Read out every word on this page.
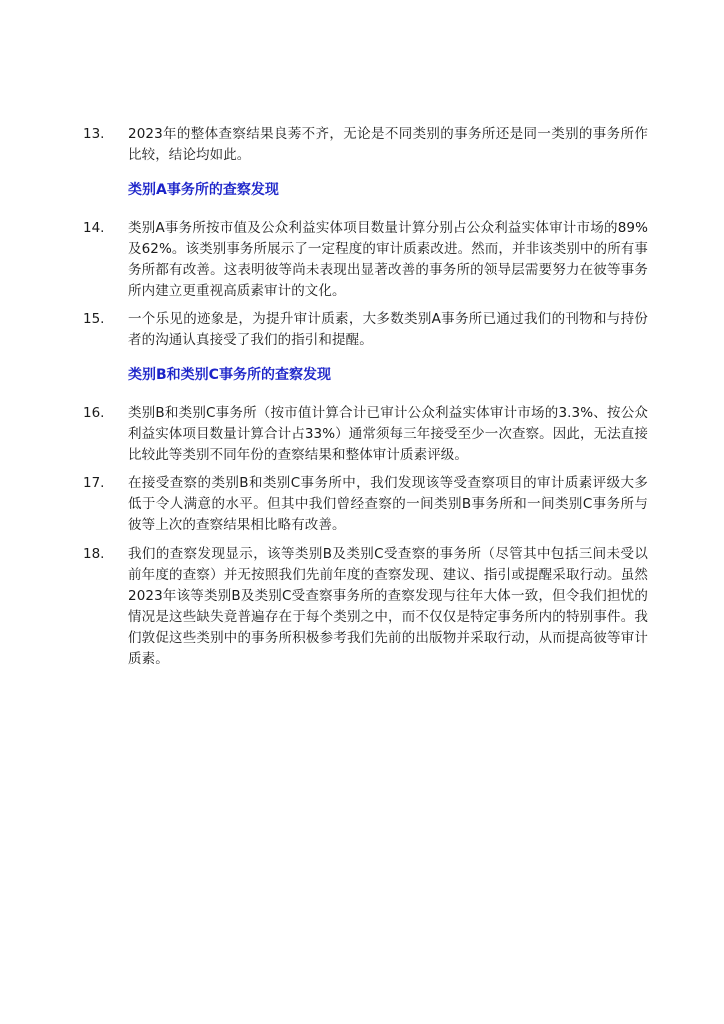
13. 2023年的整体查察结果良莠不齐，无论是不同类别的事务所还是同一类别的事务所作比较，结论均如此。
类别A事务所的查察发现
14. 类别A事务所按市值及公众利益实体项目数量计算分别占公众利益实体审计市场的89%及62%。该类别事务所展示了一定程度的审计质素改进。然而，并非该类别中的所有事务所都有改善。这表明彼等尚未表现出显著改善的事务所的领导层需要努力在彼等事务所内建立更重视高质素审计的文化。
15. 一个乐见的迹象是，为提升审计质素，大多数类别A事务所已通过我们的刊物和与持份者的沟通认真接受了我们的指引和提醒。
类别B和类别C事务所的查察发现
16. 类别B和类别C事务所（按市值计算合计已审计公众利益实体审计市场的3.3%、按公众利益实体项目数量计算合计占33%）通常须每三年接受至少一次查察。因此，无法直接比较此等类别不同年份的查察结果和整体审计质素评级。
17. 在接受查察的类别B和类别C事务所中，我们发现该等受查察项目的审计质素评级大多低于令人满意的水平。但其中我们曾经查察的一间类别B事务所和一间类别C事务所与彼等上次的查察结果相比略有改善。
18. 我们的查察发现显示，该等类别B及类别C受查察的事务所（尽管其中包括三间未受以前年度的查察）并无按照我们先前年度的查察发现、建议、指引或提醒采取行动。虽然2023年该等类别B及类别C受查察事务所的查察发现与往年大体一致，但令我们担忧的情况是这些缺失竟普遍存在于每个类别之中，而不仅仅是特定事务所内的特别事件。我们敦促这些类别中的事务所积极参考我们先前的出版物并采取行动，从而提高彼等审计质素。
